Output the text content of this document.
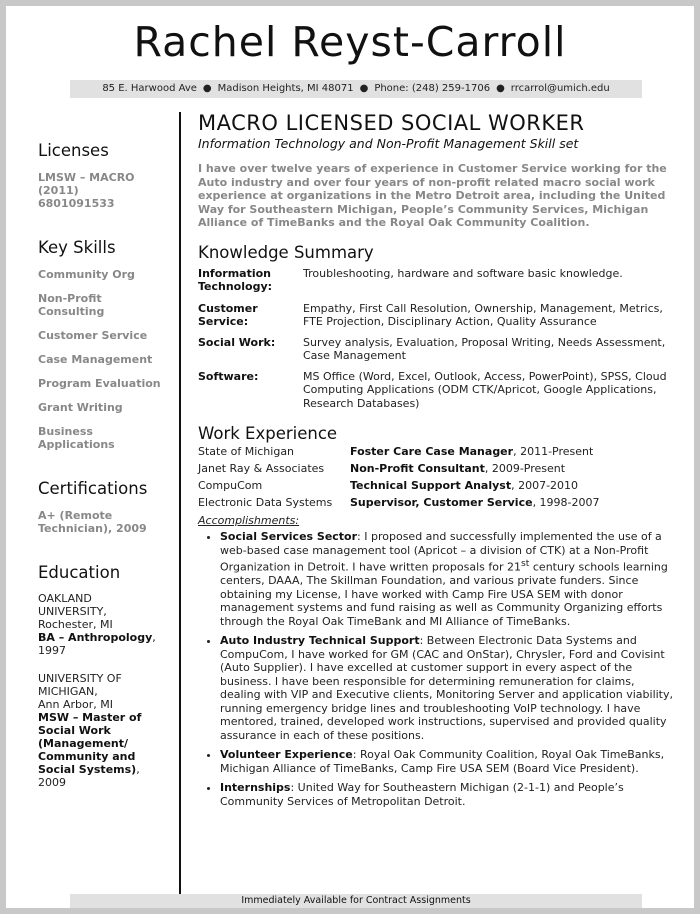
Rachel Reyst-Carroll
85 E. Harwood Ave ● Madison Heights, MI 48071 ● Phone: (248) 259-1706 ● rrcarrol@umich.edu
Licenses
LMSW – MACRO
(2011)
6801091533
Key Skills
Community Org
Non-Profit
Consulting
Customer Service
Case Management
Program Evaluation
Grant Writing
Business
Applications
Certifications
A+ (Remote
Technician), 2009
Education
OAKLAND
UNIVERSITY,
Rochester, MI
BA – Anthropology,
1997
UNIVERSITY OF
MICHIGAN,
Ann Arbor, MI
MSW – Master of
Social Work
(Management/
Community and
Social Systems),
2009
MACRO LICENSED SOCIAL WORKER
Information Technology and Non-Profit Management Skill set
I have over twelve years of experience in Customer Service working for the Auto industry and over four years of non-profit related macro social work experience at organizations in the Metro Detroit area, including the United Way for Southeastern Michigan, People’s Community Services, Michigan Alliance of TimeBanks and the Royal Oak Community Coalition.
Knowledge Summary
Information Technology:
Troubleshooting, hardware and software basic knowledge.
Customer Service:
Empathy, First Call Resolution, Ownership, Management, Metrics, FTE Projection, Disciplinary Action, Quality Assurance
Social Work:	Survey analysis, Evaluation, Proposal Writing, Needs Assessment, Case Management
Software:	MS Office (Word, Excel, Outlook, Access, PowerPoint), SPSS, Cloud Computing Applications (ODM CTK/Apricot, Google Applications, Research Databases)
Work Experience
State of Michigan	Foster Care Case Manager, 2011-Present
Janet Ray & Associates	Non-Profit Consultant, 2009-Present
CompuCom	Technical Support Analyst, 2007-2010
Electronic Data Systems	Supervisor, Customer Service, 1998-2007
Accomplishments:
• Social Services Sector: I proposed and successfully implemented the use of a web-based case management tool (Apricot – a division of CTK) at a Non-Profit Organization in Detroit. I have written proposals for 21st century schools learning centers, DAAA, The Skillman Foundation, and various private funders. Since obtaining my License, I have worked with Camp Fire USA SEM with donor management systems and fund raising as well as Community Organizing efforts through the Royal Oak TimeBank and MI Alliance of TimeBanks.
• Auto Industry Technical Support: Between Electronic Data Systems and CompuCom, I have worked for GM (CAC and OnStar), Chrysler, Ford and Covisint (Auto Supplier). I have excelled at customer support in every aspect of the business. I have been responsible for determining remuneration for claims, dealing with VIP and Executive clients, Monitoring Server and application viability, running emergency bridge lines and troubleshooting VoIP technology. I have mentored, trained, developed work instructions, supervised and provided quality assurance in each of these positions.
• Volunteer Experience: Royal Oak Community Coalition, Royal Oak TimeBanks, Michigan Alliance of TimeBanks, Camp Fire USA SEM (Board Vice President).
• Internships: United Way for Southeastern Michigan (2-1-1) and People’s Community Services of Metropolitan Detroit.
Immediately Available for Contract Assignments
